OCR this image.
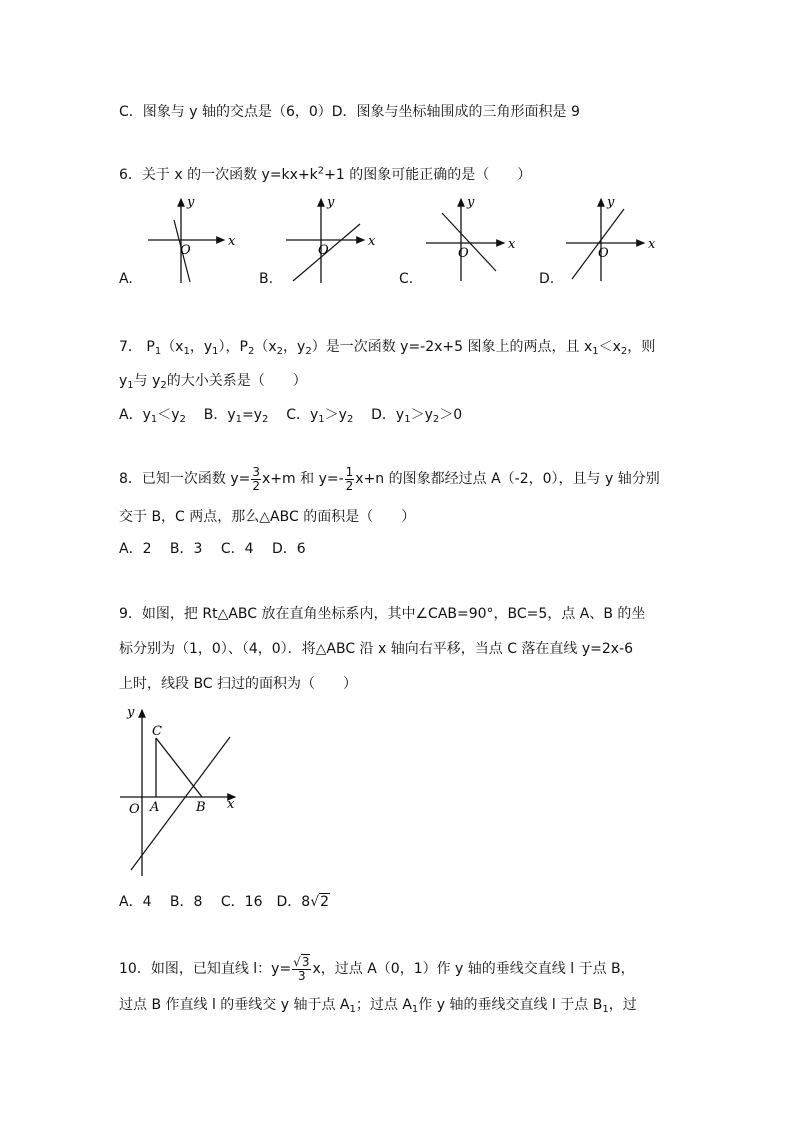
C．图象与 y 轴的交点是（6，0）D．图象与坐标轴围成的三角形面积是 9
6．关于 x 的一次函数 $y=kx+k^2+1$ 的图象可能正确的是（　　）
y
x
O
y
x
O
y
x
O
y
x
O
A.	B.	C.	D.
7． $P_1(x_1$，$y_1$），$P_2(x_2$，$y_2$）是一次函数 y=-2x+5 图象上的两点，且 $x_1<x_2$，则
$y_1$与 $y_2$的大小关系是（　　）
A．$y_1<y_2$ B．$y_1=y_2$ C．$y_1>y_2$ D．$y_1>y_2>0$
8．已知一次函数 $y= \frac{3}{2} x+m$ 和 $y=- \frac{1}{2} x+n$ 的图象都经过点 A（-2，0），且与 y 轴分别
交于 B，C 两点，那么△ABC 的面积是（　　）
A．2　 B．3　 C．4　 D．6
9．如图，把 Rt△ABC 放在直角坐标系内，其中∠CAB=90°，BC=5，点 A、B 的坐
标分别为（1，0）、（4，0）．将△ABC 沿 x 轴向右平移，当点 C 落在直线 y=2x-6
上时，线段 BC 扫过的面积为（　　）
y
x
O A	B
C
A．4　 B．8　 C．16　D．8√2
10．如图，已知直线 l：$y= \frac{√3}{3}$ x，过点 A（0，1）作 y 轴的垂线交直线 l 于点 B，
过点 B 作直线 l 的垂线交 y 轴于点 $A_1$；过点 $A_1$作 y 轴的垂线交直线 l 于点 $B_1$，过
